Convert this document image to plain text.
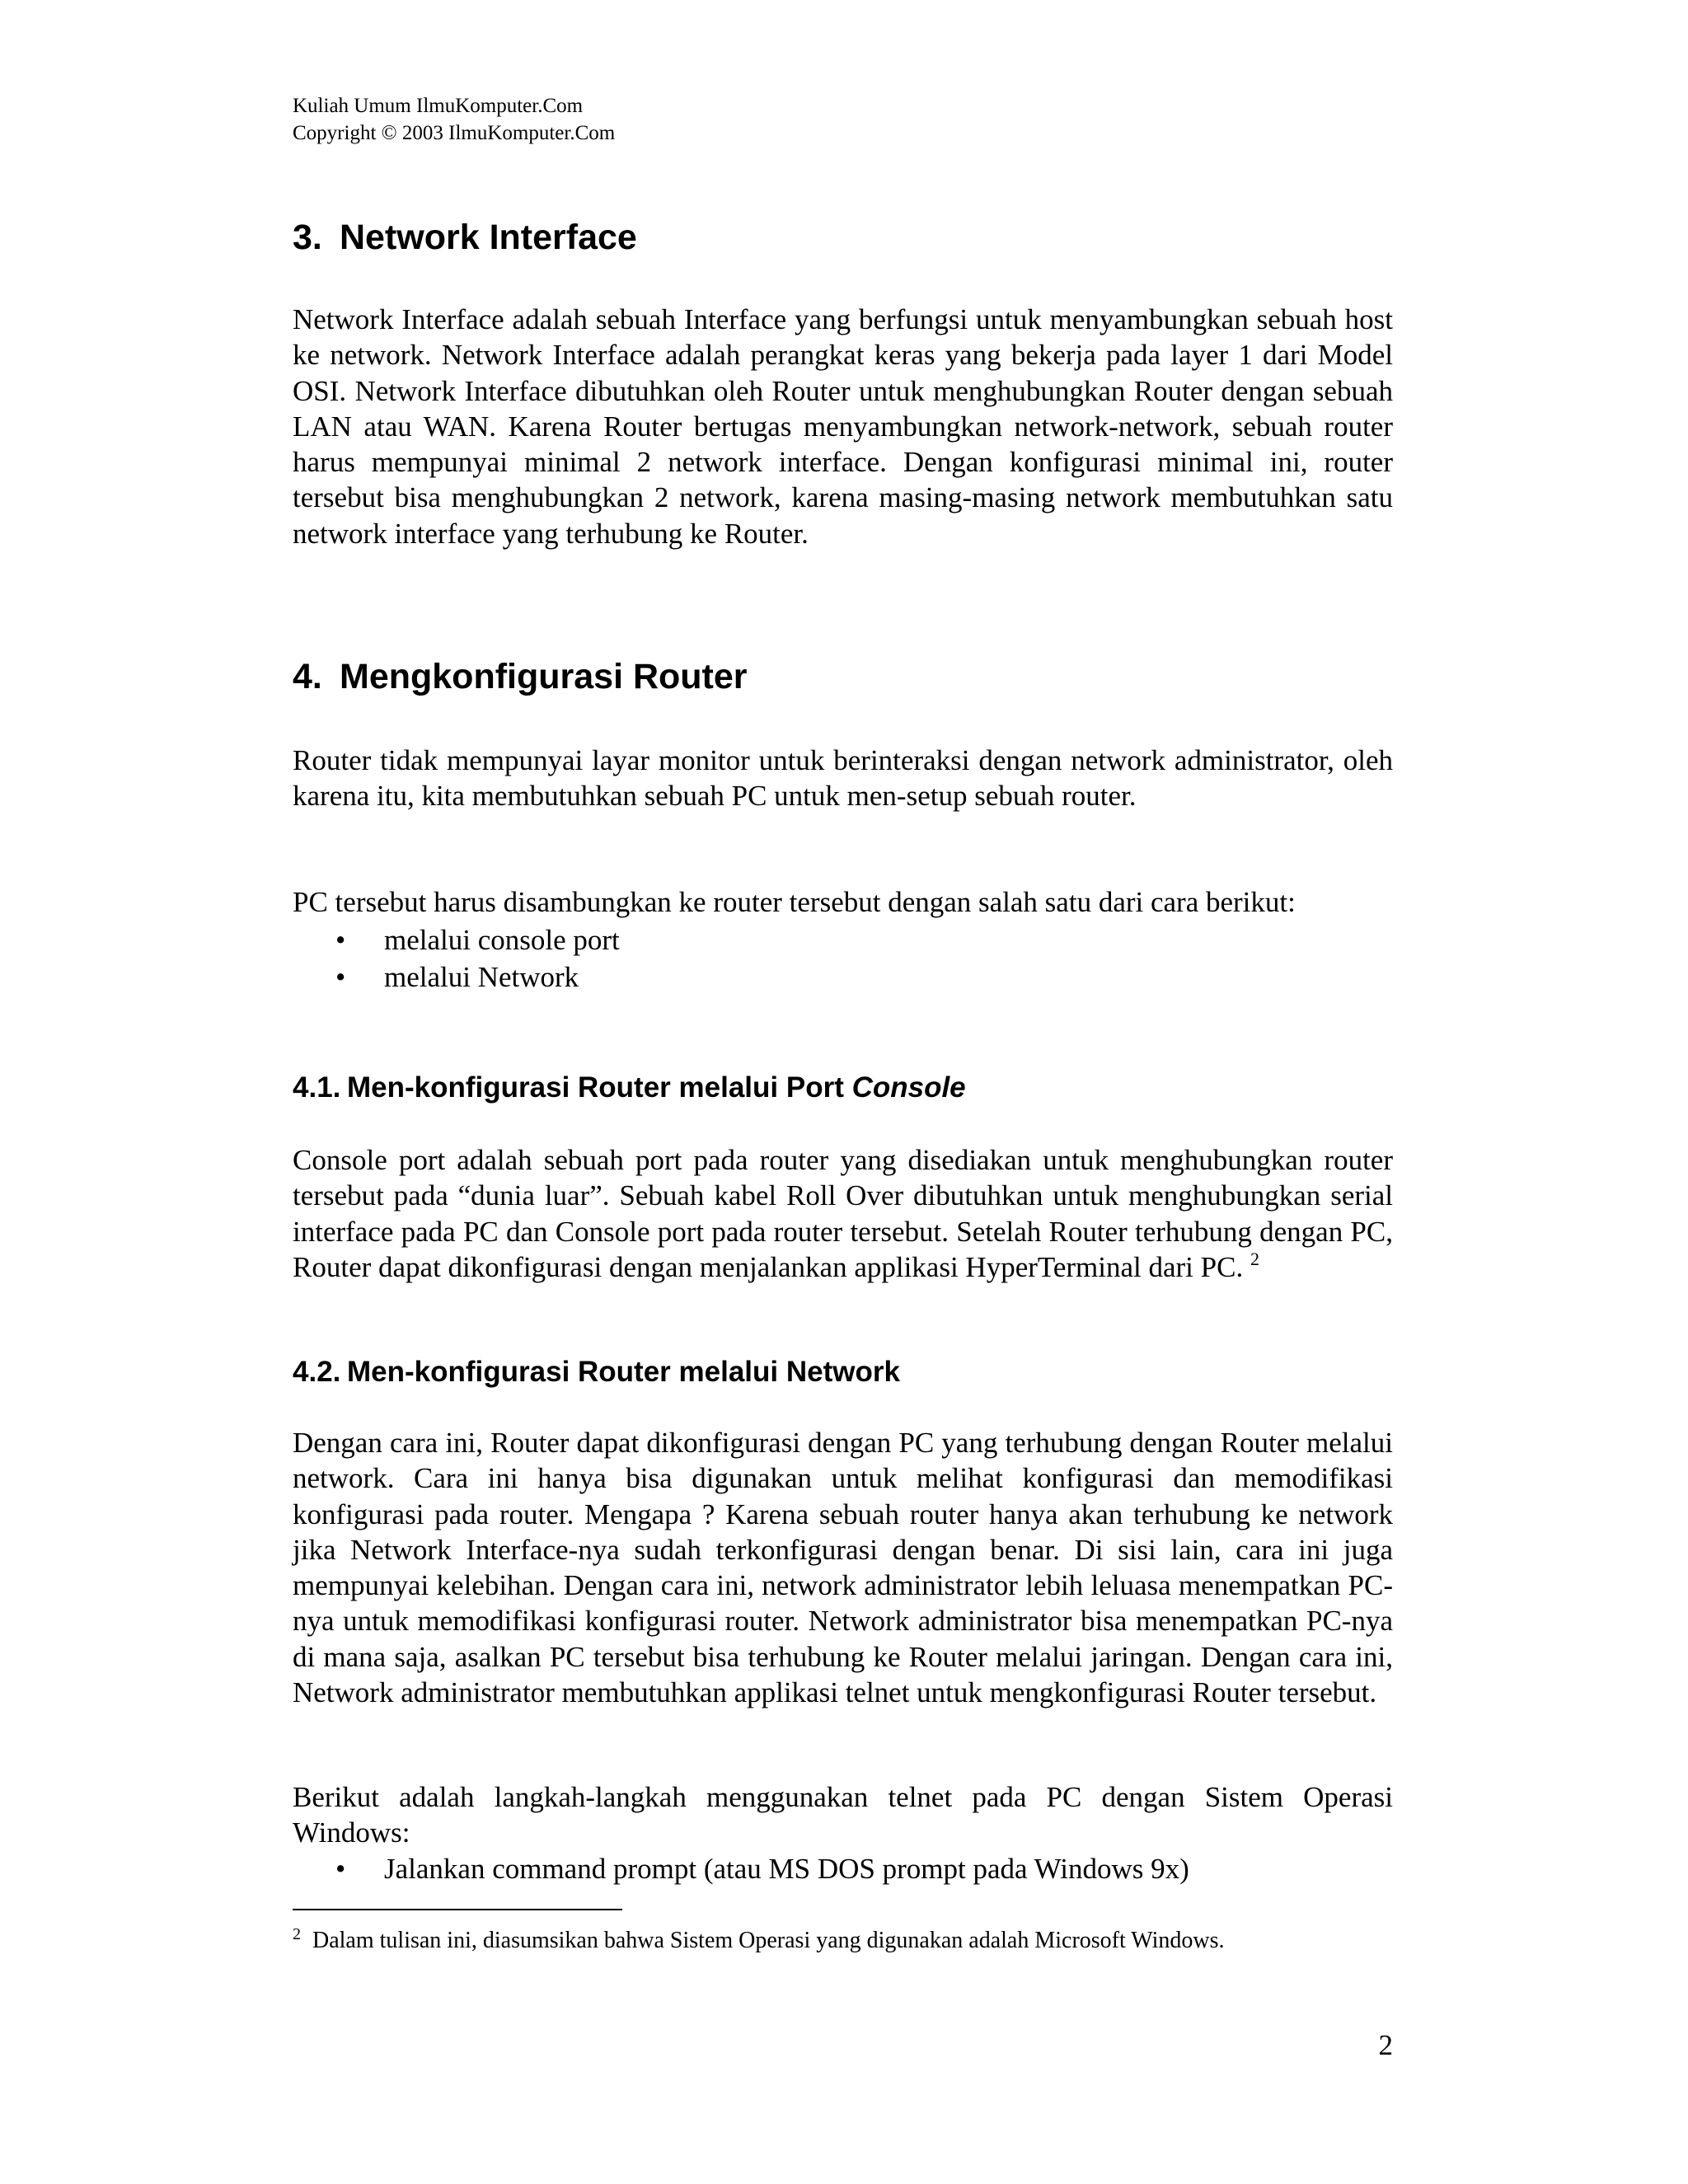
Kuliah Umum IlmuKomputer.Com
Copyright © 2003 IlmuKomputer.Com
3. Network Interface

Network Interface adalah sebuah Interface yang berfungsi untuk menyambungkan sebuah host ke network. Network Interface adalah perangkat keras yang bekerja pada layer 1 dari Model OSI. Network Interface dibutuhkan oleh Router untuk menghubungkan Router dengan sebuah LAN atau WAN. Karena Router bertugas menyambungkan network-network, sebuah router harus mempunyai minimal 2 network interface. Dengan konfigurasi minimal ini, router tersebut bisa menghubungkan 2 network, karena masing-masing network membutuhkan satu network interface yang terhubung ke Router.

4. Mengkonfigurasi Router

Router tidak mempunyai layar monitor untuk berinteraksi dengan network administrator, oleh karena itu, kita membutuhkan sebuah PC untuk men-setup sebuah router.

PC tersebut harus disambungkan ke router tersebut dengan salah satu dari cara berikut:

• melalui console port
• melalui Network
4.1. Men-konfigurasi Router melalui Port Console

Console port adalah sebuah port pada router yang disediakan untuk menghubungkan router tersebut pada “dunia luar”. Sebuah kabel Roll Over dibutuhkan untuk menghubungkan serial interface pada PC dan Console port pada router tersebut. Setelah Router terhubung dengan PC, Router dapat dikonfigurasi dengan menjalankan applikasi HyperTerminal dari PC. $^2$

4.2. Men-konfigurasi Router melalui Network

Dengan cara ini, Router dapat dikonfigurasi dengan PC yang terhubung dengan Router melalui network. Cara ini hanya bisa digunakan untuk melihat konfigurasi dan memodifikasi konfigurasi pada router. Mengapa ? Karena sebuah router hanya akan terhubung ke network jika Network Interface-nya sudah terkonfigurasi dengan benar. Di sisi lain, cara ini juga mempunyai kelebihan. Dengan cara ini, network administrator lebih leluasa menempatkan PC-nya untuk memodifikasi konfigurasi router. Network administrator bisa menempatkan PC-nya di mana saja, asalkan PC tersebut bisa terhubung ke Router melalui jaringan. Dengan cara ini, Network administrator membutuhkan applikasi telnet untuk mengkonfigurasi Router tersebut.

Berikut adalah langkah-langkah menggunakan telnet pada PC dengan Sistem Operasi Windows:

• Jalankan command prompt (atau MS DOS prompt pada Windows 9x)
$^2$ Dalam tulisan ini, diasumsikan bahwa Sistem Operasi yang digunakan adalah Microsoft Windows.
2
